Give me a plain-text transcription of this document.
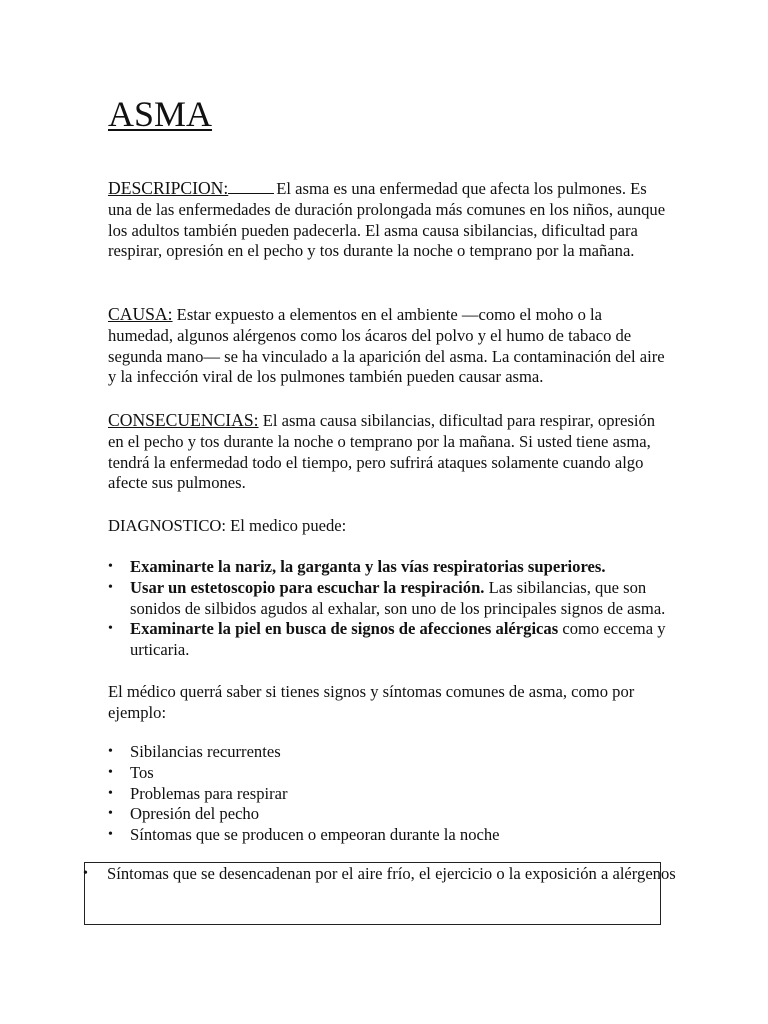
ASMA

DESCRIPCION:	El asma es una enfermedad que afecta los pulmones. Es una de las enfermedades de duración prolongada más comunes en los niños, aunque los adultos también pueden padecerla. El asma causa sibilancias, dificultad para respirar, opresión en el pecho y tos durante la noche o temprano por la mañana.

CAUSA: Estar expuesto a elementos en el ambiente —como el moho o la humedad, algunos alérgenos como los ácaros del polvo y el humo de tabaco de segunda mano— se ha vinculado a la aparición del asma. La contaminación del aire y la infección viral de los pulmones también pueden causar asma.

CONSECUENCIAS: El asma causa sibilancias, dificultad para respirar, opresión en el pecho y tos durante la noche o temprano por la mañana. Si usted tiene asma, tendrá la enfermedad todo el tiempo, pero sufrirá ataques solamente cuando algo afecte sus pulmones.

DIAGNOSTICO: El medico puede:

• Examinarte la nariz, la garganta y las vías respiratorias superiores.
• Usar un estetoscopio para escuchar la respiración. Las sibilancias, que son sonidos de silbidos agudos al exhalar, son uno de los principales signos de asma.
• Examinarte la piel en busca de signos de afecciones alérgicas como eccema y urticaria.

El médico querrá saber si tienes signos y síntomas comunes de asma, como por ejemplo:

• Sibilancias recurrentes
• Tos
• Problemas para respirar
• Opresión del pecho
• Síntomas que se producen o empeoran durante la noche
• Síntomas que se desencadenan por el aire frío, el ejercicio o la exposición a alérgenos
